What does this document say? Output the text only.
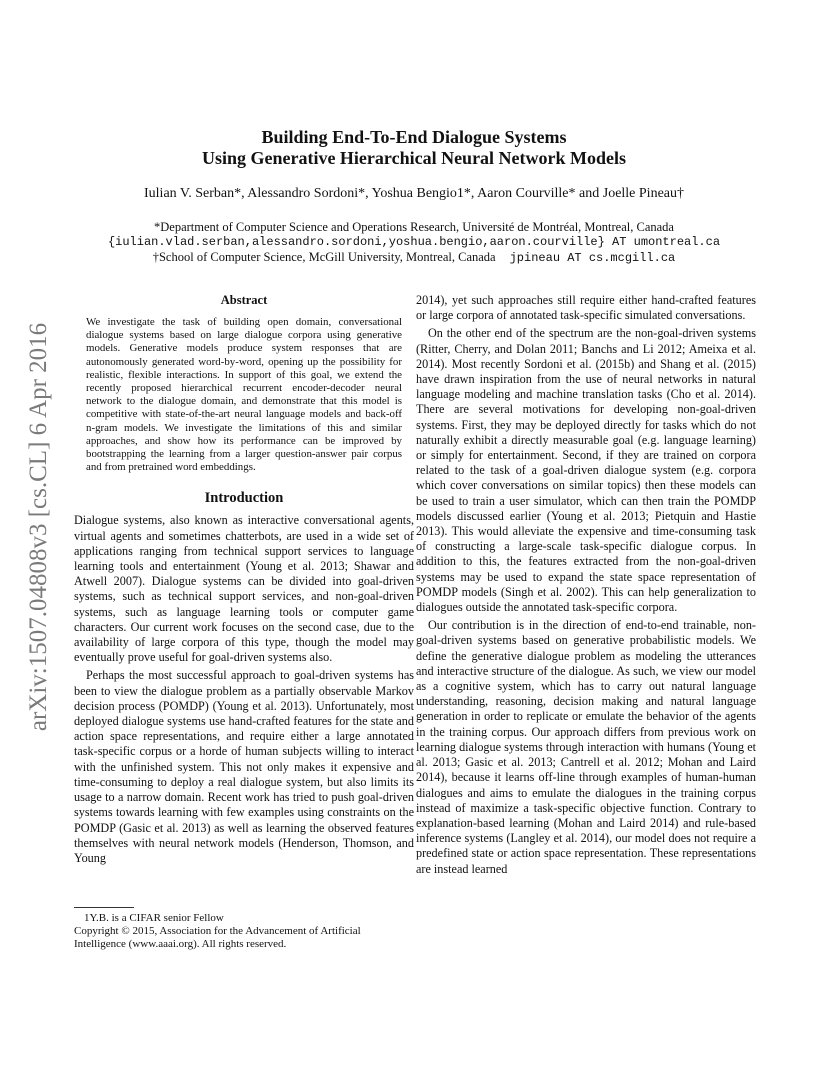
arXiv:1507.04808v3 [cs.CL] 6 Apr 2016
Building End-To-End Dialogue Systems
Using Generative Hierarchical Neural Network Models
Iulian V. Serban*, Alessandro Sordoni*, Yoshua Bengio1*, Aaron Courville* and Joelle Pineau†
*Department of Computer Science and Operations Research, Université de Montréal, Montreal, Canada
{iulian.vlad.serban,alessandro.sordoni,yoshua.bengio,aaron.courville} AT umontreal.ca
†School of Computer Science, McGill University, Montreal, Canada jpineau AT cs.mcgill.ca
Abstract

We investigate the task of building open domain, conversational dialogue systems based on large dialogue corpora using generative models. Generative models produce system responses that are autonomously generated word-by-word, opening up the possibility for realistic, flexible interactions. In support of this goal, we extend the recently proposed hierarchical recurrent encoder-decoder neural network to the dialogue domain, and demonstrate that this model is competitive with state-of-the-art neural language models and back-off n-gram models. We investigate the limitations of this and similar approaches, and show how its performance can be improved by bootstrapping the learning from a larger question-answer pair corpus and from pretrained word embeddings.

Introduction

Dialogue systems, also known as interactive conversational agents, virtual agents and sometimes chatterbots, are used in a wide set of applications ranging from technical support services to language learning tools and entertainment (Young et al. 2013; Shawar and Atwell 2007). Dialogue systems can be divided into goal-driven systems, such as technical support services, and non-goal-driven systems, such as language learning tools or computer game characters. Our current work focuses on the second case, due to the availability of large corpora of this type, though the model may eventually prove useful for goal-driven systems also.

Perhaps the most successful approach to goal-driven systems has been to view the dialogue problem as a partially observable Markov decision process (POMDP) (Young et al. 2013). Unfortunately, most deployed dialogue systems use hand-crafted features for the state and action space representations, and require either a large annotated task-specific corpus or a horde of human subjects willing to interact with the unfinished system. This not only makes it expensive and time-consuming to deploy a real dialogue system, but also limits its usage to a narrow domain. Recent work has tried to push goal-driven systems towards learning with few examples using constraints on the POMDP (Gasic et al. 2013) as well as learning the observed features themselves with neural network models (Henderson, Thomson, and Young

2014), yet such approaches still require either hand-crafted features or large corpora of annotated task-specific simulated conversations.

On the other end of the spectrum are the non-goal-driven systems (Ritter, Cherry, and Dolan 2011; Banchs and Li 2012; Ameixa et al. 2014). Most recently Sordoni et al. (2015b) and Shang et al. (2015) have drawn inspiration from the use of neural networks in natural language modeling and machine translation tasks (Cho et al. 2014). There are several motivations for developing non-goal-driven systems. First, they may be deployed directly for tasks which do not naturally exhibit a directly measurable goal (e.g. language learning) or simply for entertainment. Second, if they are trained on corpora related to the task of a goal-driven dialogue system (e.g. corpora which cover conversations on similar topics) then these models can be used to train a user simulator, which can then train the POMDP models discussed earlier (Young et al. 2013; Pietquin and Hastie 2013). This would alleviate the expensive and time-consuming task of constructing a large-scale task-specific dialogue corpus. In addition to this, the features extracted from the non-goal-driven systems may be used to expand the state space representation of POMDP models (Singh et al. 2002). This can help generalization to dialogues outside the annotated task-specific corpora.

Our contribution is in the direction of end-to-end trainable, non-goal-driven systems based on generative probabilistic models. We define the generative dialogue problem as modeling the utterances and interactive structure of the dialogue. As such, we view our model as a cognitive system, which has to carry out natural language understanding, reasoning, decision making and natural language generation in order to replicate or emulate the behavior of the agents in the training corpus. Our approach differs from previous work on learning dialogue systems through interaction with humans (Young et al. 2013; Gasic et al. 2013; Cantrell et al. 2012; Mohan and Laird 2014), because it learns off-line through examples of human-human dialogues and aims to emulate the dialogues in the training corpus instead of maximize a task-specific objective function. Contrary to explanation-based learning (Mohan and Laird 2014) and rule-based inference systems (Langley et al. 2014), our model does not require a predefined state or action space representation. These representations are instead learned

1Y.B. is a CIFAR senior Fellow
Copyright © 2015, Association for the Advancement of Artificial Intelligence (www.aaai.org). All rights reserved.
